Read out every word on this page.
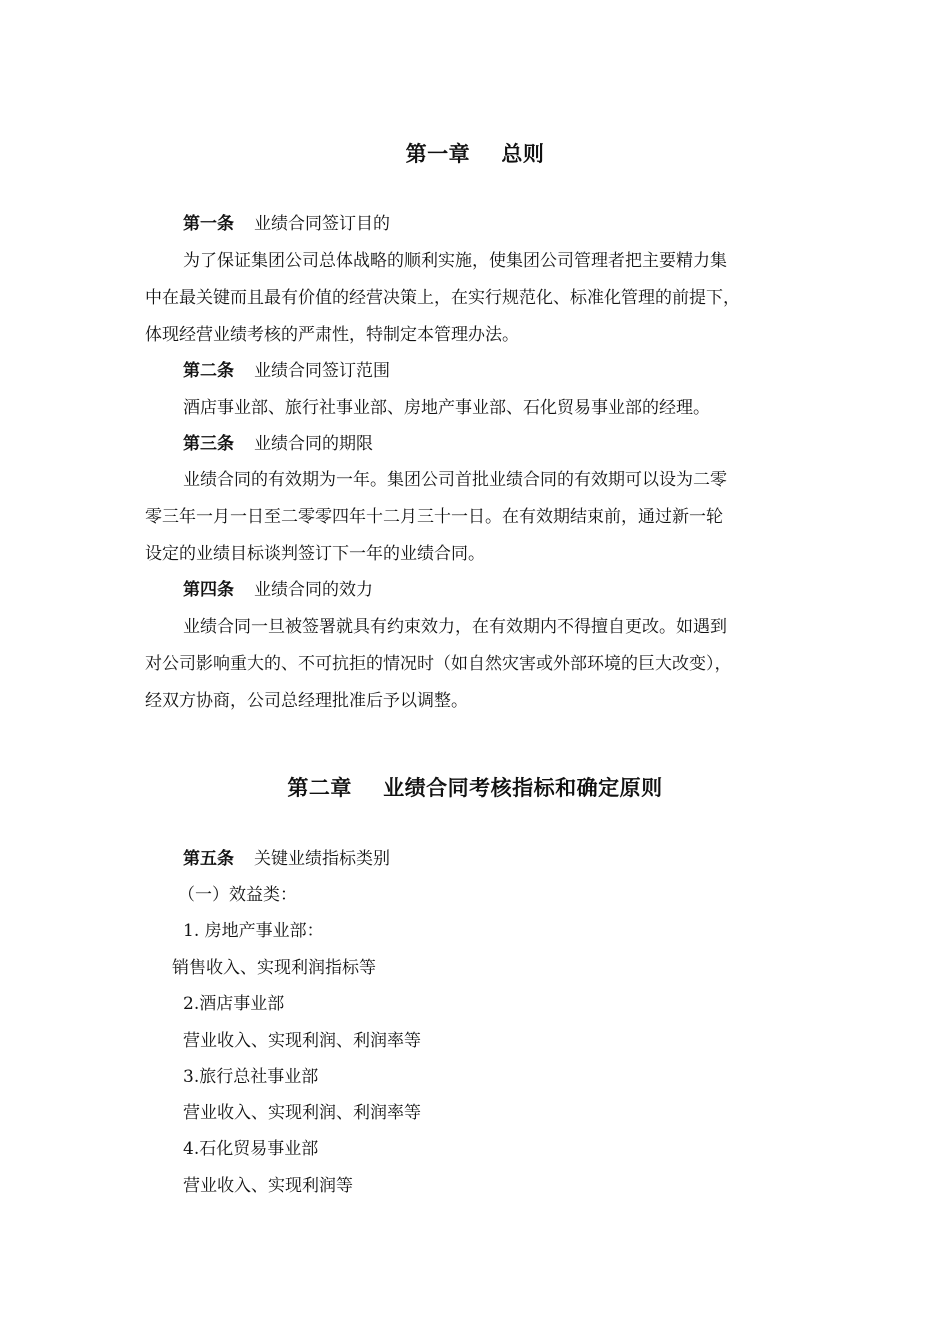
第一章    总则
第一条 业绩合同签订目的
为了保证集团公司总体战略的顺利实施，使集团公司管理者把主要精力集
中在最关键而且最有价值的经营决策上，在实行规范化、标准化管理的前提下，
体现经营业绩考核的严肃性，特制定本管理办法。
第二条 业绩合同签订范围
酒店事业部、旅行社事业部、房地产事业部、石化贸易事业部的经理。
第三条 业绩合同的期限
业绩合同的有效期为一年。集团公司首批业绩合同的有效期可以设为二零
零三年一月一日至二零零四年十二月三十一日。在有效期结束前，通过新一轮
设定的业绩目标谈判签订下一年的业绩合同。
第四条 业绩合同的效力
业绩合同一旦被签署就具有约束效力，在有效期内不得擅自更改。如遇到
对公司影响重大的、不可抗拒的情况时（如自然灾害或外部环境的巨大改变），
经双方协商，公司总经理批准后予以调整。
第二章    业绩合同考核指标和确定原则
第五条 关键业绩指标类别
（一）效益类：
1. 房地产事业部：
销售收入、实现利润指标等
2.酒店事业部
营业收入、实现利润、利润率等
3.旅行总社事业部
营业收入、实现利润、利润率等
4.石化贸易事业部
营业收入、实现利润等
